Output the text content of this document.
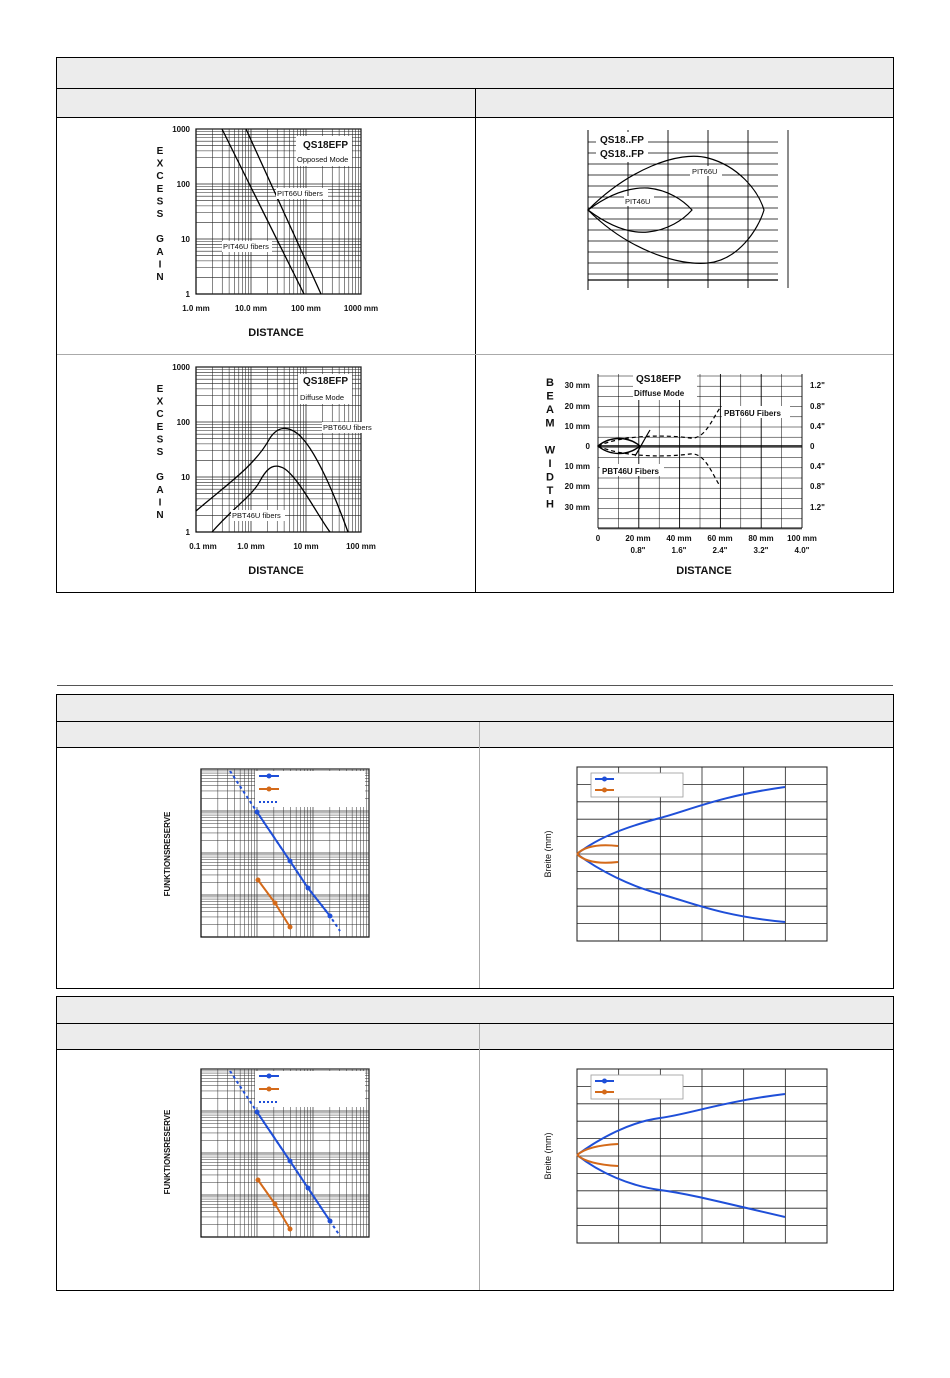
E
X
C
E
S
S
G
A
I
N
1000
100
10
1
1.0 mm	10.0 mm	100 mm	1000 mm
DISTANCE
QS18EFP
Opposed Mode
PIT66U fibers
PIT46U fibers
QS18..FP
QS18..FP
PIT66U
PIT46U
E
X
C
E
S
S
G
A
I
N
1000
100
10
1
0.1 mm	1.0 mm	10 mm	100 mm
DISTANCE
QS18EFP
Diffuse Mode
PBT66U fibers
PBT46U fibers
B
E
A
M
W
I
D
T
H
30 mm
20 mm
10 mm
0
10 mm
20 mm
30 mm
1.2"
0.8"
0.4"
0
0.4"
0.8"
1.2"
QS18EFP
Diffuse Mode
PBT66U Fibers
PBT46U Fibers
0	20 mm 40 mm 60 mm 80 mm 100 mm
0.8"	1.6"	2.4"	3.2"	4.0"
DISTANCE
FUNKTIONSRESERVE	Breite (mm)
FUNKTIONSRESERVE	Breite (mm)
